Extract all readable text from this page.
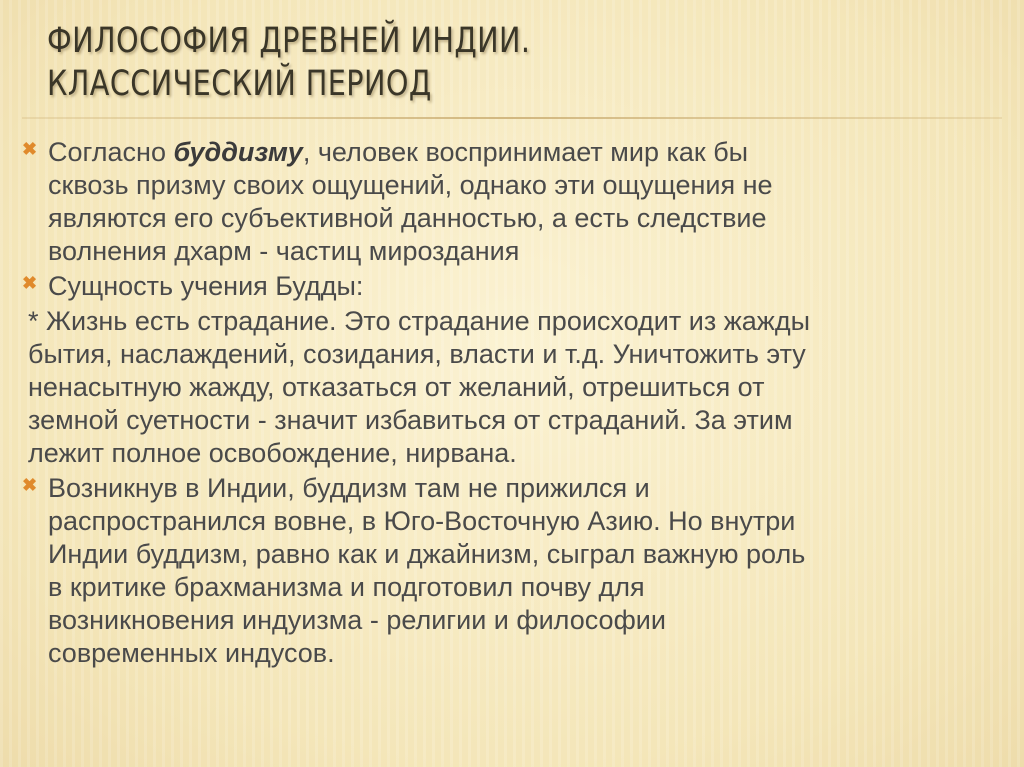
ФИЛОСОФИЯ ДРЕВНЕЙ ИНДИИ.
КЛАССИЧЕСКИЙ ПЕРИОД
✖ Согласно буддизму, человек воспринимает мир как бы
сквозь призму своих ощущений, однако эти ощущения не
являются его субъективной данностью, а есть следствие
волнения дхарм - частиц мироздания
✖ Сущность учения Будды:
* Жизнь есть страдание. Это страдание происходит из жажды
бытия, наслаждений, созидания, власти и т.д. Уничтожить эту
ненасытную жажду, отказаться от желаний, отрешиться от
земной суетности - значит избавиться от страданий. За этим
лежит полное освобождение, нирвана.
✖ Возникнув в Индии, буддизм там не прижился и
распространился вовне, в Юго-Восточную Азию. Но внутри
Индии буддизм, равно как и джайнизм, сыграл важную роль
в критике брахманизма и подготовил почву для
возникновения индуизма - религии и философии
современных индусов.
